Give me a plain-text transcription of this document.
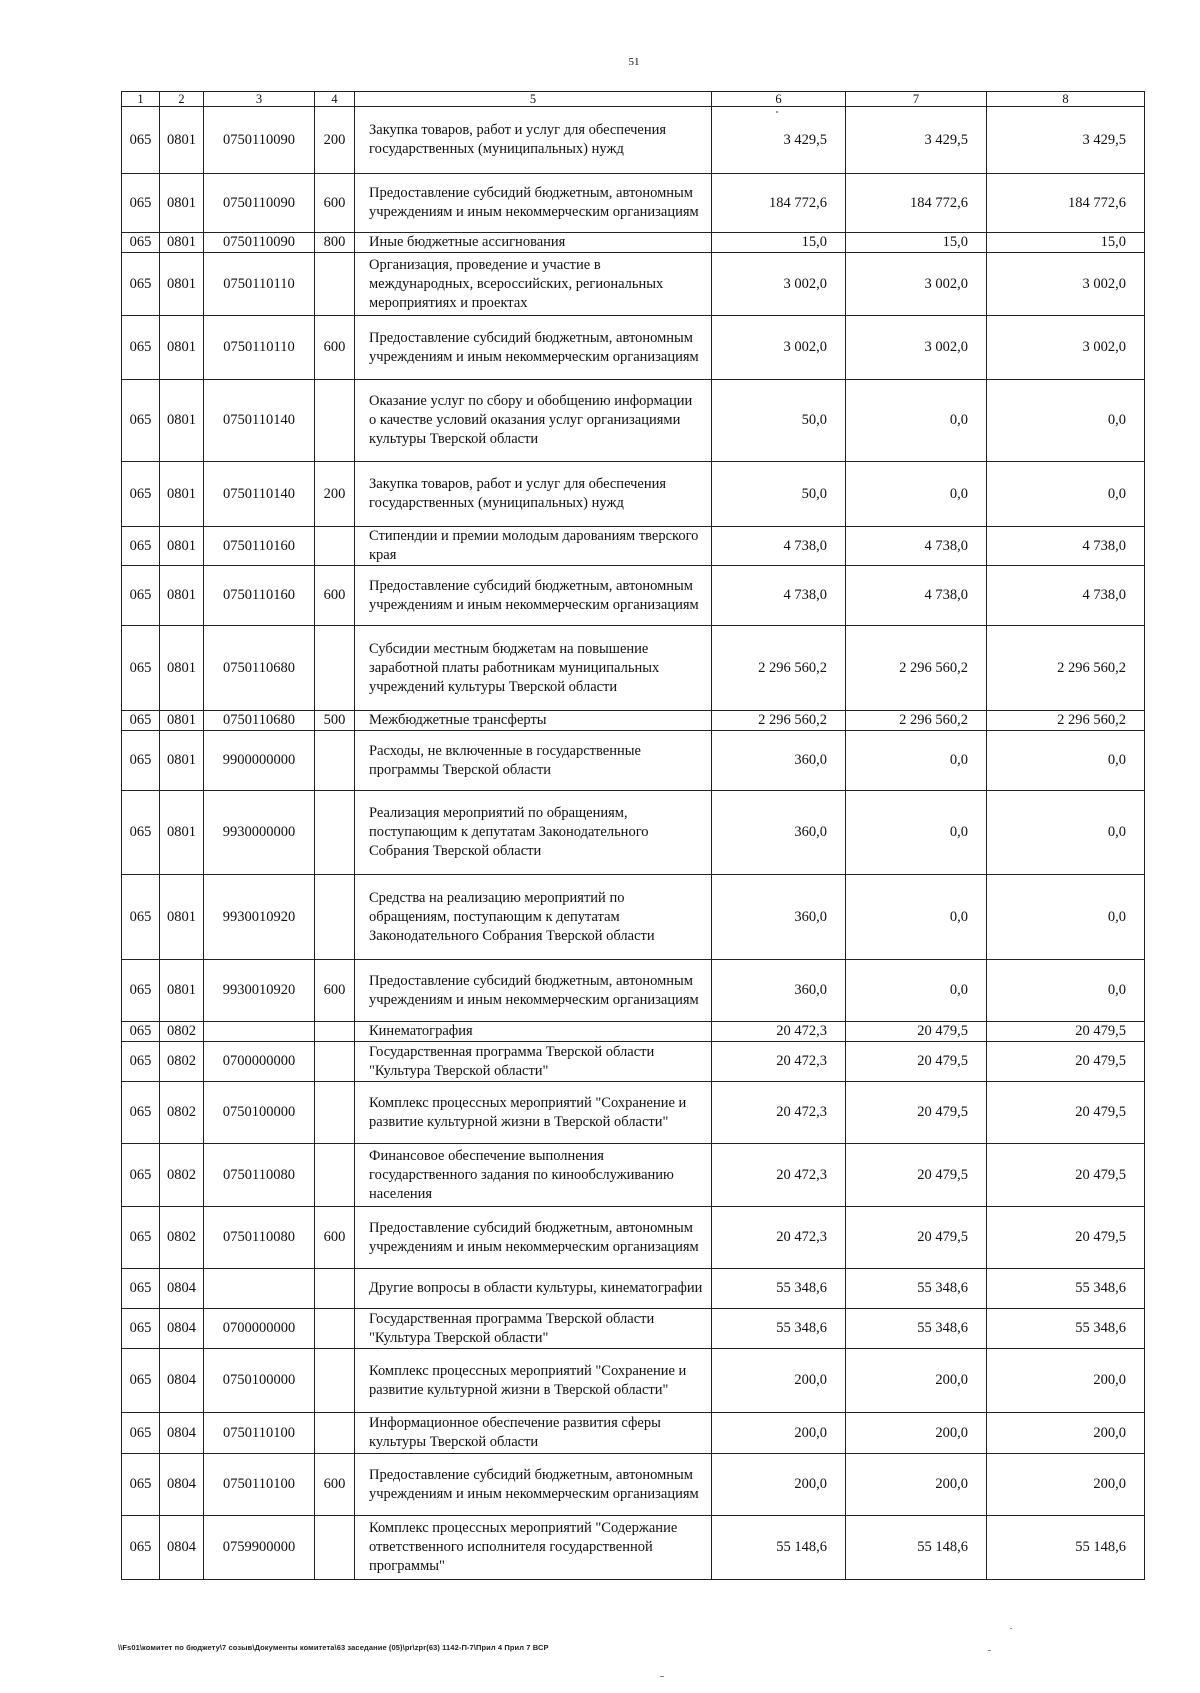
51
1	2	3	4	5	6	7	8
065	0801	0750110090	200	Закупка товаров, работ и услуг для обеспечения государственных (муниципальных) нужд	3 429,5	3 429,5	3 429,5
065	0801	0750110090	600	Предоставление субсидий бюджетным, автономным учреждениям и иным некоммерческим организациям	184 772,6	184 772,6	184 772,6
065	0801	0750110090	800	Иные бюджетные ассигнования	15,0	15,0	15,0
065	0801	0750110110		Организация, проведение и участие в международных, всероссийских, региональных мероприятиях и проектах	3 002,0	3 002,0	3 002,0
065	0801	0750110110	600	Предоставление субсидий бюджетным, автономным учреждениям и иным некоммерческим организациям	3 002,0	3 002,0	3 002,0
065	0801	0750110140		Оказание услуг по сбору и обобщению информации о качестве условий оказания услуг организациями культуры Тверской области	50,0	0,0	0,0
065	0801	0750110140	200	Закупка товаров, работ и услуг для обеспечения государственных (муниципальных) нужд	50,0	0,0	0,0
065	0801	0750110160		Стипендии и премии молодым дарованиям тверского края	4 738,0	4 738,0	4 738,0
065	0801	0750110160	600	Предоставление субсидий бюджетным, автономным учреждениям и иным некоммерческим организациям	4 738,0	4 738,0	4 738,0
065	0801	0750110680		Субсидии местным бюджетам на повышение заработной платы работникам муниципальных учреждений культуры Тверской области	2 296 560,2	2 296 560,2	2 296 560,2
065	0801	0750110680	500	Межбюджетные трансферты	2 296 560,2	2 296 560,2	2 296 560,2
065	0801	9900000000		Расходы, не включенные в государственные программы Тверской области	360,0	0,0	0,0
065	0801	9930000000		Реализация мероприятий по обращениям, поступающим к депутатам Законодательного Собрания Тверской области	360,0	0,0	0,0
065	0801	9930010920		Средства на реализацию мероприятий по обращениям, поступающим к депутатам Законодательного Собрания Тверской области	360,0	0,0	0,0
065	0801	9930010920	600	Предоставление субсидий бюджетным, автономным учреждениям и иным некоммерческим организациям	360,0	0,0	0,0
065	0802			Кинематография	20 472,3	20 479,5	20 479,5
065	0802	0700000000		Государственная программа Тверской области "Культура Тверской области"	20 472,3	20 479,5	20 479,5
065	0802	0750100000		Комплекс процессных мероприятий "Сохранение и развитие культурной жизни в Тверской области"	20 472,3	20 479,5	20 479,5
065	0802	0750110080		Финансовое обеспечение выполнения государственного задания по кинообслуживанию населения	20 472,3	20 479,5	20 479,5
065	0802	0750110080	600	Предоставление субсидий бюджетным, автономным учреждениям и иным некоммерческим организациям	20 472,3	20 479,5	20 479,5
065	0804			Другие вопросы в области культуры, кинематографии	55 348,6	55 348,6	55 348,6
065	0804	0700000000		Государственная программа Тверской области "Культура Тверской области"	55 348,6	55 348,6	55 348,6
065	0804	0750100000		Комплекс процессных мероприятий "Сохранение и развитие культурной жизни в Тверской области"	200,0	200,0	200,0
065	0804	0750110100		Информационное обеспечение развития сферы культуры Тверской области	200,0	200,0	200,0
065	0804	0750110100	600	Предоставление субсидий бюджетным, автономным учреждениям и иным некоммерческим организациям	200,0	200,0	200,0
065	0804	0759900000		Комплекс процессных мероприятий "Содержание ответственного исполнителя государственной программы"	55 148,6	55 148,6	55 148,6
\\Fs01\комитет по бюджету\7 созыв\Документы комитета\63 заседание (05)\pr\zpr(63) 1142-П-7\Прил 4 Прил 7 ВСР
